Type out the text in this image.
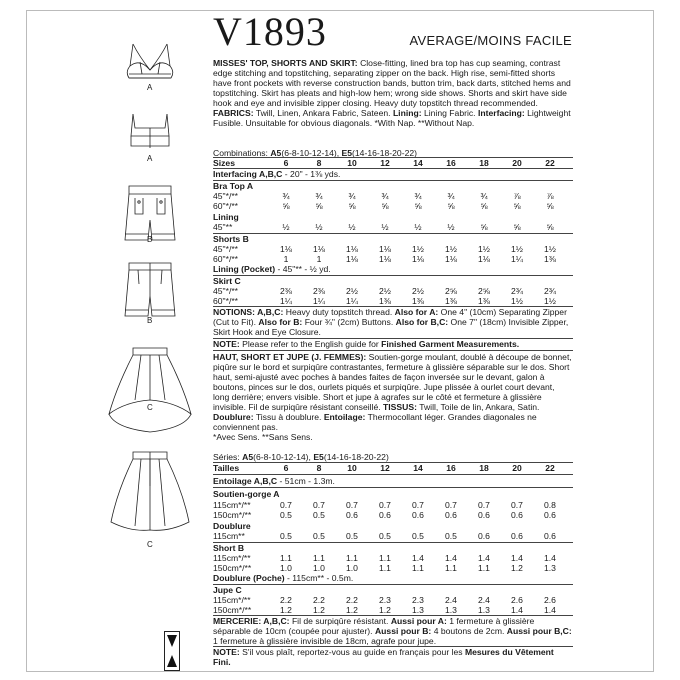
V1893	AVERAGE/MOINS FACILE
A
A
B
B
C
C
MISSES' TOP, SHORTS AND SKIRT: Close-fitting, lined bra top has cup seaming, contrast edge stitching and topstitching, separating zipper on the back. High rise, semi-fitted shorts have front pockets with reverse construction bands, button trim, back darts, stitched hems and topstitching. Skirt has pleats and high-low hem; wrong side shows. Shorts and skirt have side hook and eye and invisible zipper closing. Heavy duty topstitch thread recommended. FABRICS: Twill, Linen, Ankara Fabric, Sateen. Lining: Lining Fabric. Interfacing: Lightweight Fusible. Unsuitable for obvious diagonals. *With Nap. **Without Nap.
Combinations: A5(6-8-10-12-14), E5(14-16-18-20-22)
Sizes	6	8	10	12	14	16	18	20	22
Interfacing A,B,C - 20" - 1⅜ yds.
Bra Top A
45"*/**	¾	¾	¾	¾	¾	¾	¾	⅞	⅞
60"*/**	⅝	⅝	⅝	⅝	⅝	⅝	⅝	⅝	⅝
Lining
45"**	½	½	½	½	½	½	⅝	⅝	⅝
Shorts B
45"*/**	1⅛	1⅛	1⅛	1⅛	1½	1½	1½	1½	1½
60"*/**	1	1	1⅛	1⅛	1⅛	1⅛	1⅛	1¼	1⅜
Lining (Pocket) - 45"** - ½ yd.
Skirt C
45"*/**	2⅜	2⅜	2½	2½	2½	2⅝	2⅝	2¾	2¾
60"*/**	1¼	1¼	1¼	1⅜	1⅜	1⅜	1⅜	1½	1½
NOTIONS: A,B,C: Heavy duty topstitch thread. Also for A: One 4" (10cm) Separating Zipper (Cut to Fit). Also for B: Four ¾" (2cm) Buttons. Also for B,C: One 7" (18cm) Invisible Zipper, Skirt Hook and Eye Closure.
NOTE: Please refer to the English guide for Finished Garment Measurements.
HAUT, SHORT ET JUPE (J. FEMMES): Soutien-gorge moulant, doublé à découpe de bonnet, piqûre sur le bord et surpiqûre contrastantes, fermeture à glissière séparable sur le dos. Short haut, semi-ajusté avec poches à bandes faites de façon inversée sur le devant, galon à boutons, pinces sur le dos, ourlets piqués et surpiqûre. Jupe plissée à ourlet court devant, long derrière; envers visible. Short et jupe à agrafes sur le côté et fermeture à glissière invisible. Fil de surpiqûre résistant conseillé. TISSUS: Twill, Toile de lin, Ankara, Satin. Doublure: Tissu à doublure. Entoilage: Thermocollant léger. Grandes diagonales ne conviennent pas.
*Avec Sens. **Sans Sens.
Séries: A5(6-8-10-12-14), E5(14-16-18-20-22)
Tailles	6	8	10	12	14	16	18	20	22
Entoilage A,B,C - 51cm - 1.3m.
Soutien-gorge A
115cm*/**	0.7	0.7	0.7	0.7	0.7	0.7	0.7	0.7	0.8
150cm*/**	0.5	0.5	0.6	0.6	0.6	0.6	0.6	0.6	0.6
Doublure
115cm**	0.5	0.5	0.5	0.5	0.5	0.5	0.6	0.6	0.6
Short B
115cm*/**	1.1	1.1	1.1	1.1	1.4	1.4	1.4	1.4	1.4
150cm*/**	1.0	1.0	1.0	1.1	1.1	1.1	1.1	1.2	1.3
Doublure (Poche) - 115cm** - 0.5m.
Jupe C
115cm*/**	2.2	2.2	2.2	2.3	2.3	2.4	2.4	2.6	2.6
150cm*/**	1.2	1.2	1.2	1.2	1.3	1.3	1.3	1.4	1.4
MERCERIE: A,B,C: Fil de surpiqûre résistant. Aussi pour A: 1 fermeture à glissière séparable de 10cm (coupée pour ajuster). Aussi pour B: 4 boutons de 2cm. Aussi pour B,C: 1 fermeture à glissière invisible de 18cm, agrafe pour jupe.
NOTE: S'il vous plaît, reportez-vous au guide en français pour les Mesures du Vêtement Fini.
